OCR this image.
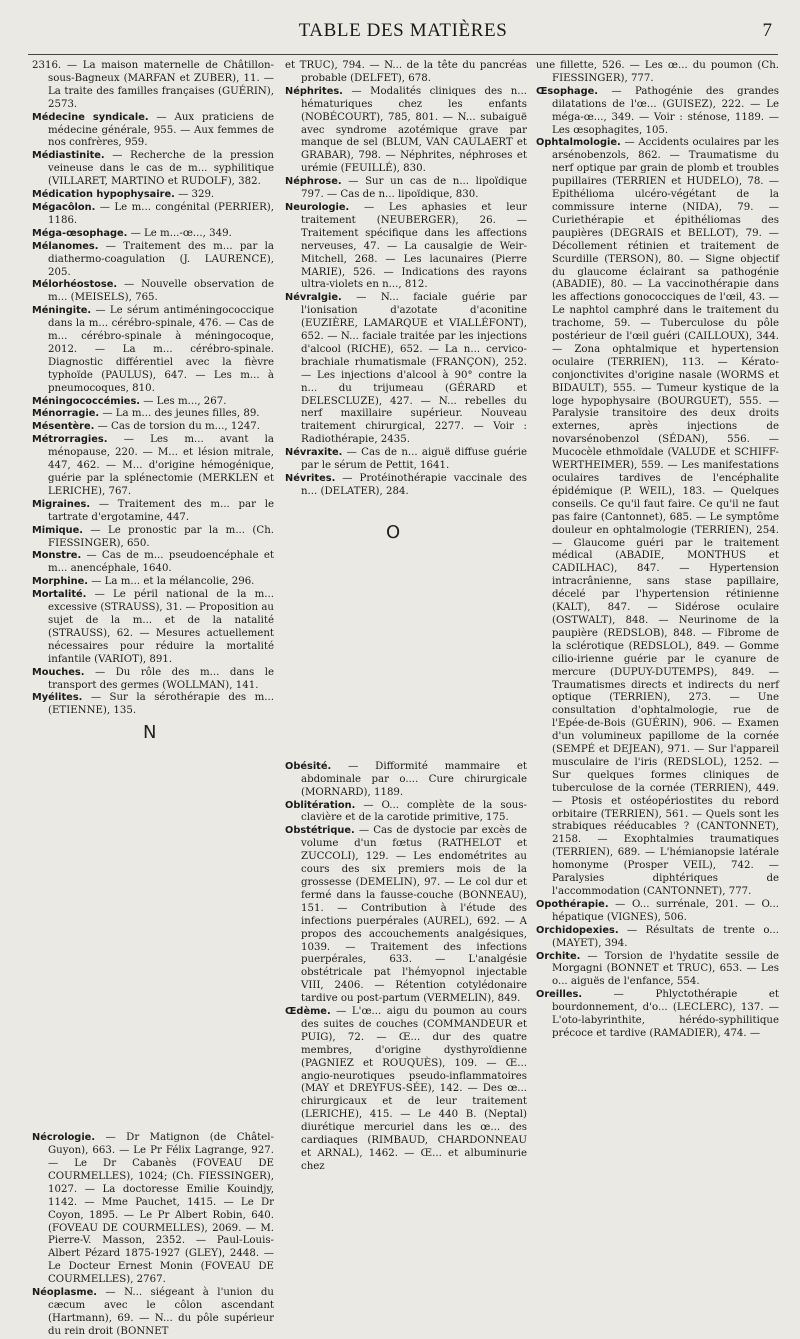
TABLE DES MATIÈRES	7

2316. — La maison maternelle de Châtillon-sous-Bagneux (MARFAN et ZUBER), 11. — La traite des familles françaises (GUÉRIN), 2573.

Médecine syndicale. — Aux praticiens de médecine générale, 955. — Aux femmes de nos confrères, 959.

Médiastinite. — Recherche de la pression veineuse dans le cas de m... syphilitique (VILLARET, MARTINO et RUDOLF), 382.

Médication hypophysaire. — 329.

Mégacôlon. — Le m... congénital (PERRIER), 1186.

Méga-œsophage. — Le m...-œ..., 349.

Mélanomes. — Traitement des m... par la diathermo-coagulation (J. LAURENCE), 205.

Mélorhéostose. — Nouvelle observation de m... (MEISELS), 765.

Méningite. — Le sérum antiméningococcique dans la m... cérébro-spinale, 476. — Cas de m... cérébro-spinale à méningocoque, 2012. — La m... cérébro-spinale. Diagnostic différentiel avec la fièvre typhoïde (PAULUS), 647. — Les m... à pneumocoques, 810.

Méningococcémies. — Les m..., 267.

Ménorragie. — La m... des jeunes filles, 89.

Mésentère. — Cas de torsion du m..., 1247.

Métrorragies. — Les m... avant la ménopause, 220. — M... et lésion mitrale, 447, 462. — M... d'origine hémogénique, guérie par la splénectomie (MERKLEN et LERICHE), 767.

Migraines. — Traitement des m... par le tartrate d'ergotamine, 447.

Mimique. — Le pronostic par la m... (Ch. FIESSINGER), 650.

Monstre. — Cas de m... pseudoencéphale et m... anencéphale, 1640.

Morphine. — La m... et la mélancolie, 296.

Mortalité. — Le péril national de la m... excessive (STRAUSS), 31. — Proposition au sujet de la m... et de la natalité (STRAUSS), 62. — Mesures actuellement nécessaires pour réduire la mortalité infantile (VARIOT), 891.

Mouches. — Du rôle des m... dans le transport des germes (WOLLMAN), 141.

Myélites. — Sur la sérothérapie des m... (ETIENNE), 135.

Nécrologie. — Dr Matignon (de Châtel-Guyon), 663. — Le Pr Félix Lagrange, 927. — Le Dr Cabanès (FOVEAU DE COURMELLES), 1024; (Ch. FIESSINGER), 1027. — La doctoresse Emilie Kouindjy, 1142. — Mme Pauchet, 1415. — Le Dr Coyon, 1895. — Le Pr Albert Robin, 640. (FOVEAU DE COURMELLES), 2069. — M. Pierre-V. Masson, 2352. — Paul-Louis-Albert Pézard 1875-1927 (GLEY), 2448. — Le Docteur Ernest Monin (FOVEAU DE COURMELLES), 2767.

Néoplasme. — N... siégeant à l'union du cæcum avec le côlon ascendant (Hartmann), 69. — N... du pôle supérieur du rein droit (BONNET

et TRUC), 794. — N... de la tête du pancréas probable (DELFET), 678.

Néphrites. — Modalités cliniques des n... hématuriques chez les enfants (NOBÉCOURT), 785, 801. — N... subaiguë avec syndrome azotémique grave par manque de sel (BLUM, VAN CAULAERT et GRABAR), 798. — Néphrites, néphroses et urémie (FEUILLÉ), 830.

Néphrose. — Sur un cas de n... lipoïdique 797. — Cas de n... lipoïdique, 830.

Neurologie. — Les aphasies et leur traitement (NEUBERGER), 26. — Traitement spécifique dans les affections nerveuses, 47. — La causalgie de Weir-Mitchell, 268. — Les lacunaires (Pierre MARIE), 526. — Indications des rayons ultra-violets en n..., 812.

Névralgie. — N... faciale guérie par l'ionisation d'azotate d'aconitine (EUZIÈRE, LAMARQUE et VIALLÉFONT), 652. — N... faciale traitée par les injections d'alcool (RICHE), 652. — La n... cervico-brachiale rhumatismale (FRANÇON), 252. — Les injections d'alcool à 90° contre la n... du trijumeau (GÉRARD et DELESCLUZE), 427. — N... rebelles du nerf maxillaire supérieur. Nouveau traitement chirurgical, 2277. — Voir : Radiothérapie, 2435.

Névraxite. — Cas de n... aiguë diffuse guérie par le sérum de Pettit, 1641.

Névrites. — Protéinothérapie vaccinale des n... (DELATER), 284.

Obésité. — Difformité mammaire et abdominale par o.... Cure chirurgicale (MORNARD), 1189.

Oblitération. — O... complète de la sous-clavière et de la carotide primitive, 175.

Obstétrique. — Cas de dystocie par excès de volume d'un fœtus (RATHELOT et ZUCCOLI), 129. — Les endométrites au cours des six premiers mois de la grossesse (DEMELIN), 97. — Le col dur et fermé dans la fausse-couche (BONNEAU), 151. — Contribution à l'étude des infections puerpérales (AUREL), 692. — A propos des accouchements analgésiques, 1039. — Traitement des infections puerpérales, 633. — L'analgésie obstétricale pat l'hémyopnol injectable VIII, 2406. — Rétention cotylédonaire tardive ou post-partum (VERMELIN), 849.

Œdème. — L'œ... aigu du poumon au cours des suites de couches (COMMANDEUR et PUIG), 72. — Œ... dur des quatre membres, d'origine dysthyroïdienne (PAGNIEZ et ROUQUÈS), 109. — Œ... angio-neurotiques pseudo-inflammatoires (MAY et DREYFUS-SÉE), 142. — Des œ... chirurgicaux et de leur traitement (LERICHE), 415. — Le 440 B. (Neptal) diurétique mercuriel dans les œ... des cardiaques (RIMBAUD, CHARDONNEAU et ARNAL), 1462. — Œ... et albuminurie chez

une fillette, 526. — Les œ... du poumon (Ch. FIESSINGER), 777.

Œsophage. — Pathogénie des grandes dilatations de l'œ... (GUISEZ), 222. — Le méga-œ..., 349. — Voir : sténose, 1189. — Les œsophagites, 105.

Ophtalmologie. — Accidents oculaires par les arsénobenzols, 862. — Traumatisme du nerf optique par grain de plomb et troubles pupillaires (TERRIEN et HUDELO), 78. — Epithélioma ulcéro-végétant de la commissure interne (NIDA), 79. — Curiethérapie et épithéliomas des paupières (DEGRAIS et BELLOT), 79. — Décollement rétinien et traitement de Scurdille (TERSON), 80. — Signe objectif du glaucome éclairant sa pathogénie (ABADIE), 80. — La vaccinothérapie dans les affections gonococciques de l'œil, 43. — Le naphtol camphré dans le traitement du trachome, 59. — Tuberculose du pôle postérieur de l'œil guéri (CAILLOUX), 344. — Zona ophtalmique et hypertension oculaire (TERRIEN), 113. — Kérato-conjonctivites d'origine nasale (WORMS et BIDAULT), 555. — Tumeur kystique de la loge hypophysaire (BOURGUET), 555. — Paralysie transitoire des deux droits externes, après injections de novarsénobenzol (SÉDAN), 556. — Mucocèle ethmoïdale (VALUDE et SCHIFF-WERTHEIMER), 559. — Les manifestations oculaires tardives de l'encéphalite épidémique (P. WEIL), 183. — Quelques conseils. Ce qu'il faut faire. Ce qu'il ne faut pas faire (Cantonnet), 685. — Le symptôme douleur en ophtalmologie (TERRIEN), 254. — Glaucome guéri par le traitement médical (ABADIE, MONTHUS et CADILHAC), 847. — Hypertension intracrânienne, sans stase papillaire, décelé par l'hypertension rétinienne (KALT), 847. — Sidérose oculaire (OSTWALT), 848. — Neurinome de la paupière (REDSLOB), 848. — Fibrome de la sclérotique (REDSLOL), 849. — Gomme cilio-irienne guérie par le cyanure de mercure (DUPUY-DUTEMPS), 849. — Traumatismes directs et indirects du nerf optique (TERRIEN), 273. — Une consultation d'ophtalmologie, rue de l'Epée-de-Bois (GUÉRIN), 906. — Examen d'un volumineux papillome de la cornée (SEMPÉ et DEJEAN), 971. — Sur l'appareil musculaire de l'iris (REDSLOL), 1252. — Sur quelques formes cliniques de tuberculose de la cornée (TERRIEN), 449. — Ptosis et ostéopériostites du rebord orbitaire (TERRIEN), 561. — Quels sont les strabiques rééducables ? (CANTONNET), 2158. — Exophtalmies traumatiques (TERRIEN), 689. — L'hémianopsie latérale homonyme (Prosper VEIL), 742. — Paralysies diphtériques de l'accommodation (CANTONNET), 777.

Opothérapie. — O... surrénale, 201. — O... hépatique (VIGNES), 506.

Orchidopexies. — Résultats de trente o... (MAYET), 394.

Orchite. — Torsion de l'hydatite sessile de Morgagni (BONNET et TRUC), 653. — Les o... aiguës de l'enfance, 554.

Oreilles. — Phlyctothérapie et bourdonnement, d'o... (LECLERC), 137. — L'oto-labyrinthite, hérédo-syphilitique précoce et tardive (RAMADIER), 474. —

N
O
